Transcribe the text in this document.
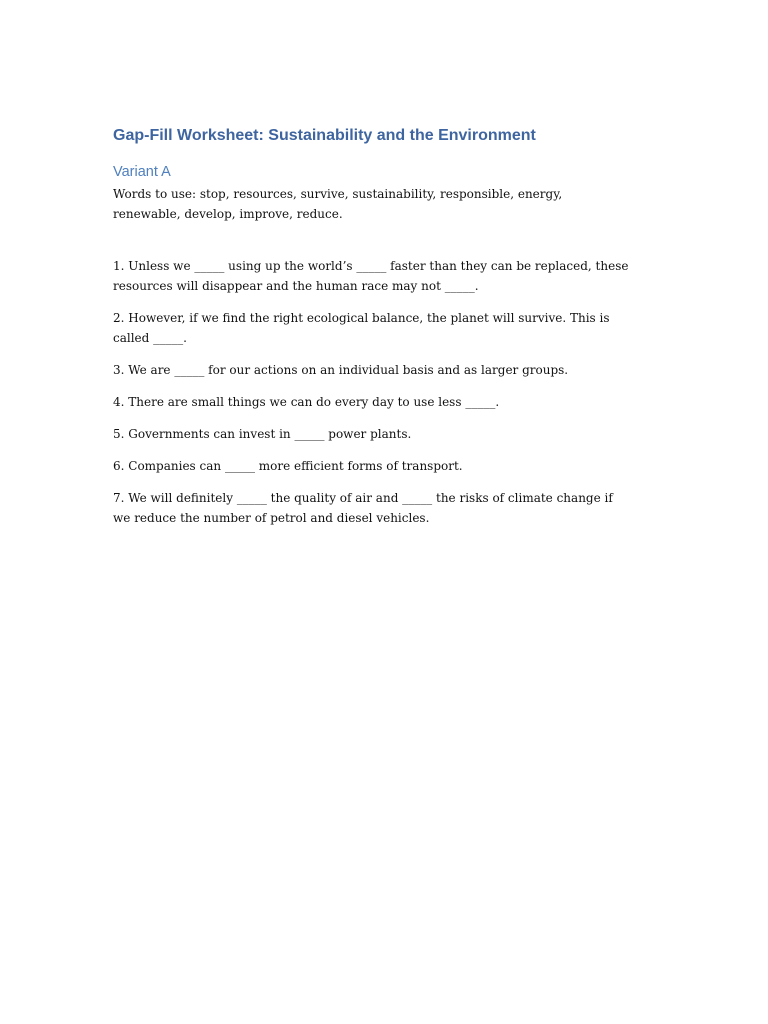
Gap-Fill Worksheet: Sustainability and the Environment
Variant A

Words to use: stop, resources, survive, sustainability, responsible, energy, renewable, develop, improve, reduce.

1. Unless we _____ using up the world’s _____ faster than they can be replaced, these resources will disappear and the human race may not _____.
2. However, if we find the right ecological balance, the planet will survive. This is called _____.
3. We are _____ for our actions on an individual basis and as larger groups.
4. There are small things we can do every day to use less _____.
5. Governments can invest in _____ power plants.
6. Companies can _____ more efficient forms of transport.
7. We will definitely _____ the quality of air and _____ the risks of climate change if we reduce the number of petrol and diesel vehicles.
